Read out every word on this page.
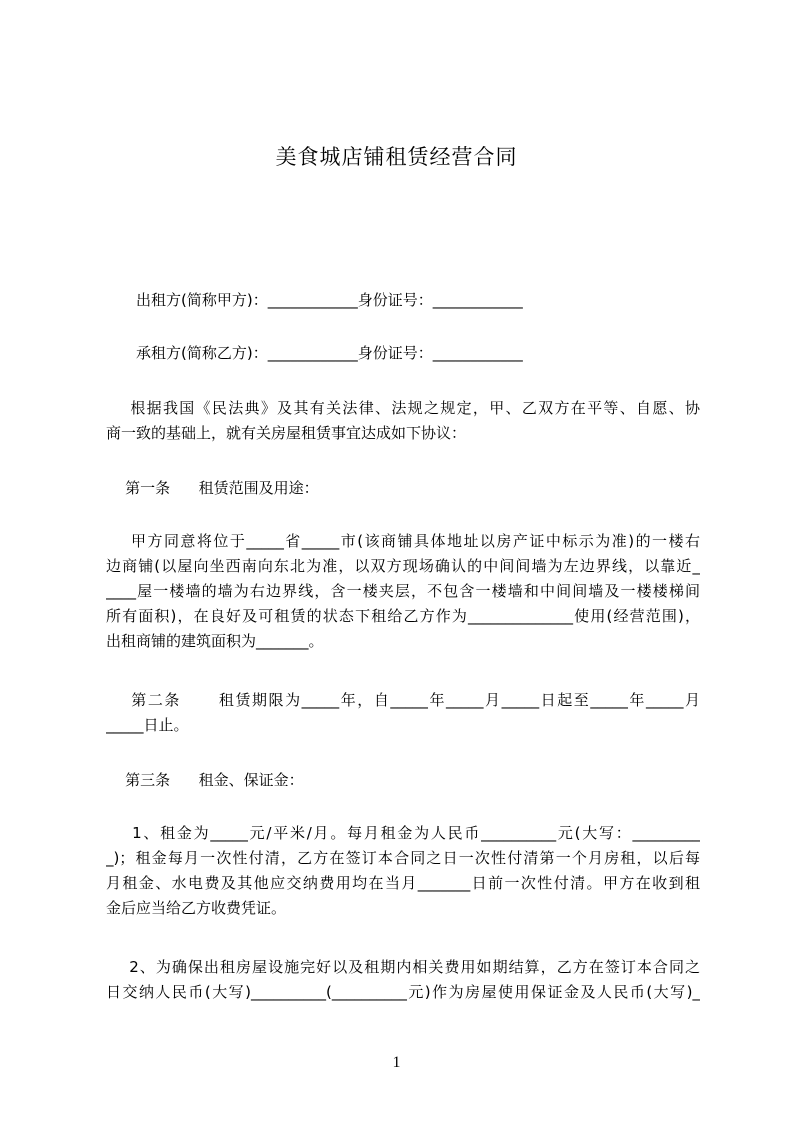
美食城店铺租赁经营合同
出租方(简称甲方)：____________身份证号：____________
承租方(简称乙方)：____________身份证号：____________
根据我国《民法典》及其有关法律、法规之规定，甲、乙双方在平等、自愿、协
商一致的基础上，就有关房屋租赁事宜达成如下协议：
第一条      租赁范围及用途：
甲方同意将位于_____省_____市(该商铺具体地址以房产证中标示为准)的一楼右
边商铺(以屋向坐西南向东北为准，以双方现场确认的中间间墙为左边界线，以靠近_
____屋一楼墙的墙为右边界线，含一楼夹层，不包含一楼墙和中间间墙及一楼楼梯间
所有面积)，在良好及可租赁的状态下租给乙方作为______________使用(经营范围)，
出租商铺的建筑面积为_______。
第二条      租赁期限为_____年，自_____年_____月_____日起至_____年_____月
_____日止。
第三条      租金、保证金：
1、租金为_____元/平米/月。每月租金为人民币__________元(大写：_________
_)；租金每月一次性付清，乙方在签订本合同之日一次性付清第一个月房租，以后每
月租金、水电费及其他应交纳费用均在当月_______日前一次性付清。甲方在收到租
金后应当给乙方收费凭证。
2、为确保出租房屋设施完好以及租期内相关费用如期结算，乙方在签订本合同之
日交纳人民币(大写)__________(__________元)作为房屋使用保证金及人民币(大写)_
1
